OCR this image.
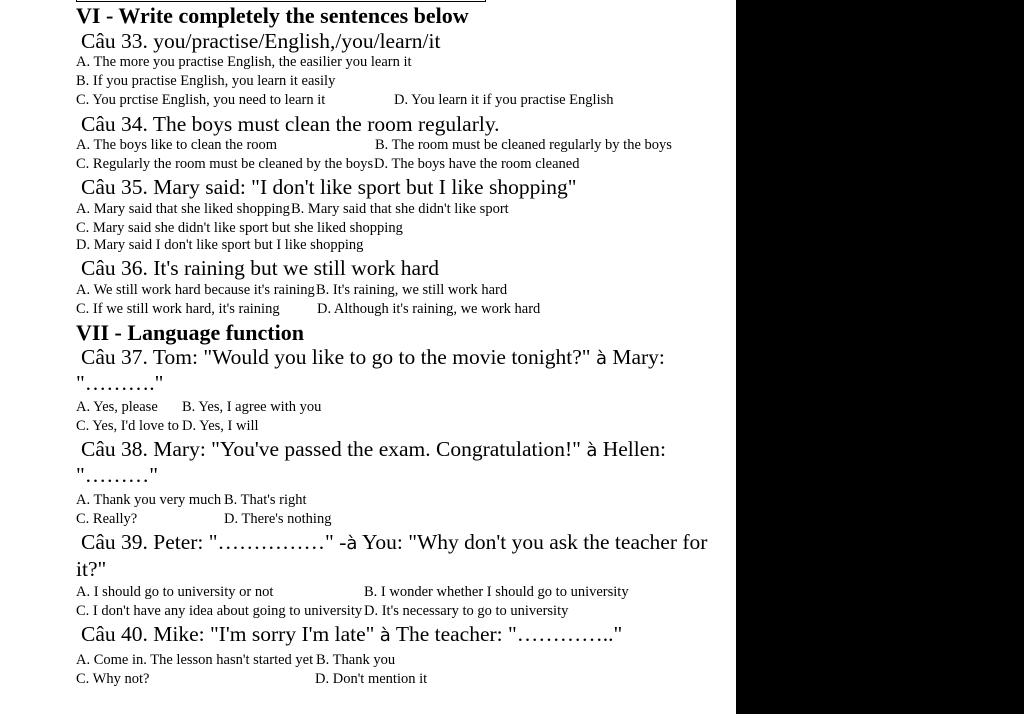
VI - Write completely the sentences below
Câu 33. you/practise/English,/you/learn/it
A. The more you practise English, the easilier you learn it
B. If you practise English, you learn it easily
C. You prctise English, you need to learn it	D. You learn it if you practise English
Câu 34. The boys must clean the room regularly.
A. The boys like to clean the room	B. The room must be cleaned regularly by the boys
C. Regularly the room must be cleaned by the boys D. The boys have the room cleaned
Câu 35. Mary said: "I don't like sport but I like shopping"
A. Mary said that she liked shopping B. Mary said that she didn't like sport
C. Mary said she didn't like sport but she liked shopping
D. Mary said I don't like sport but I like shopping
Câu 36. It's raining but we still work hard
A. We still work hard because it's raining B. It's raining, we still work hard
C. If we still work hard, it's raining	D. Although it's raining, we work hard
VII - Language function
Câu 37. Tom: "Would you like to go to the movie tonight?" à Mary:
"………."
A. Yes, please B. Yes, I agree with you
C. Yes, I'd love to D. Yes, I will
Câu 38. Mary: "You've passed the exam. Congratulation!" à Hellen:
"………"
A. Thank you very much B. That's right
C. Really?	D. There's nothing
Câu 39. Peter: "……………" -à You: "Why don't you ask the teacher for
it?"
A. I should go to university or not	B. I wonder whether I should go to university
C. I don't have any idea about going to university D. It's necessary to go to university
Câu 40. Mike: "I'm sorry I'm late" à The teacher: "………….."
A. Come in. The lesson hasn't started yet B. Thank you
C. Why not?	D. Don't mention it
